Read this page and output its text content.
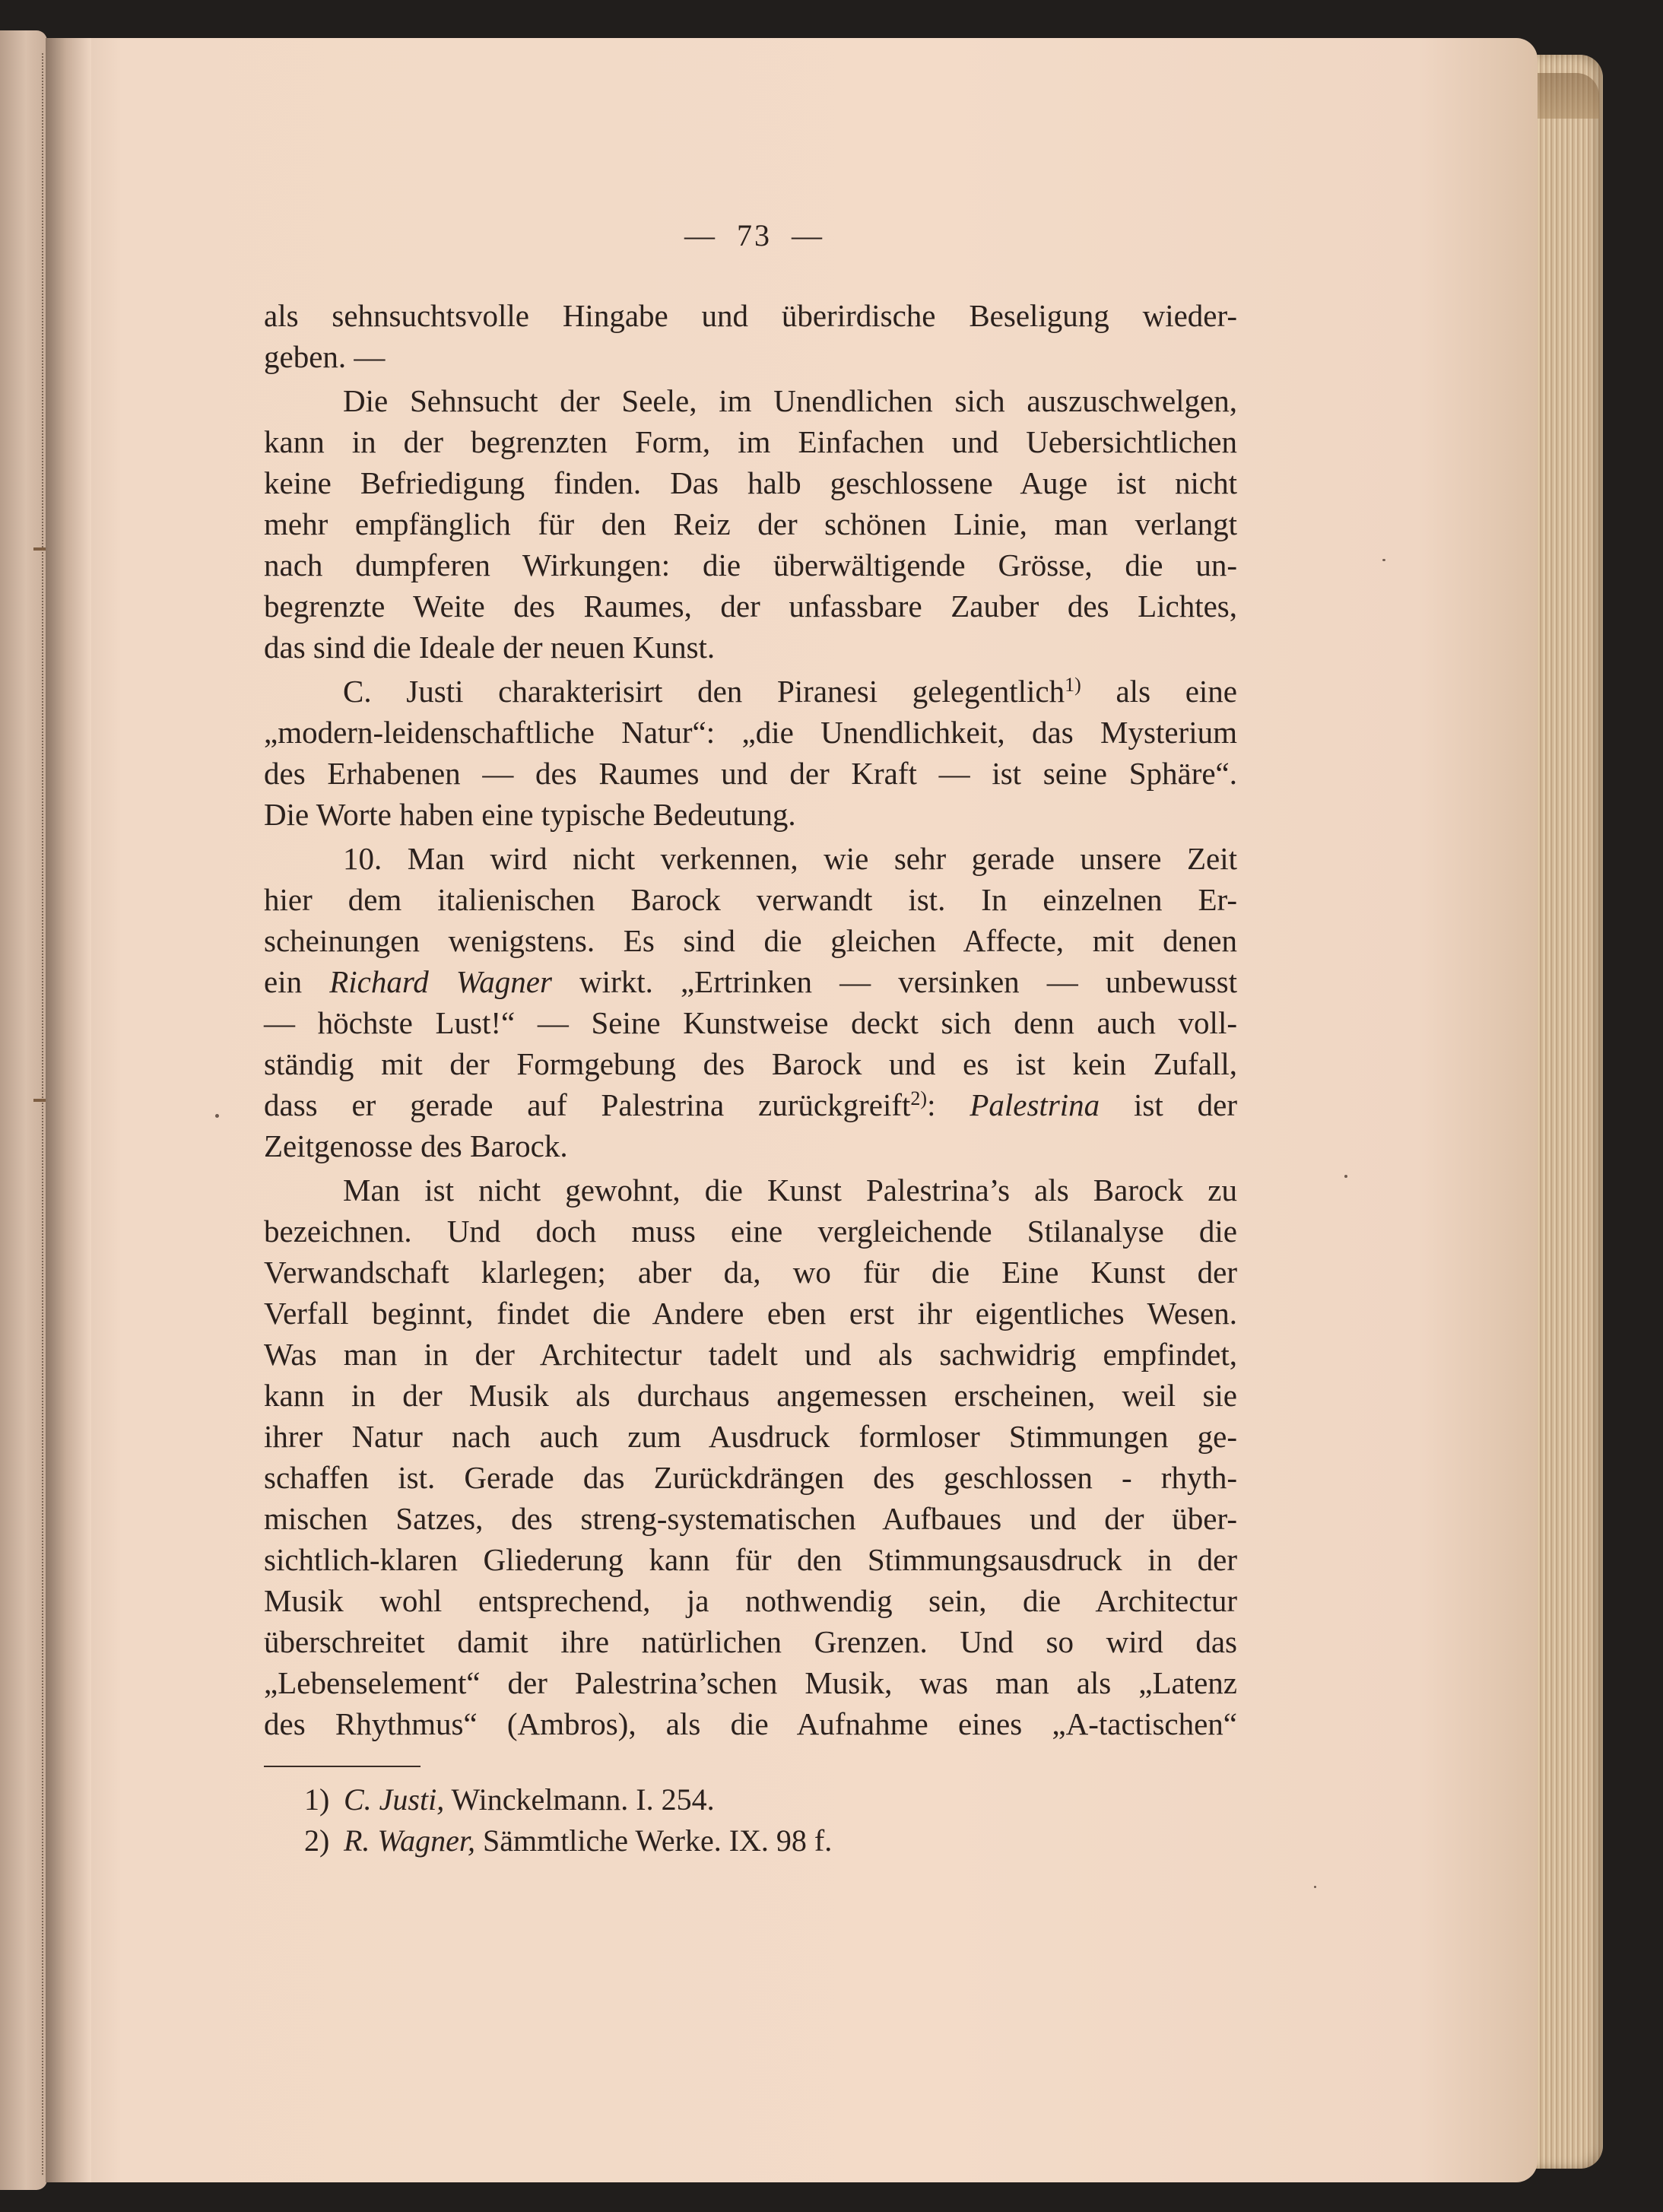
—  73  —
als sehnsuchtsvolle Hingabe und überirdische Beseligung wieder-
geben. —
Die Sehnsucht der Seele, im Unendlichen sich auszuschwelgen,
kann in der begrenzten Form, im Einfachen und Uebersichtlichen
keine Befriedigung finden. Das halb geschlossene Auge ist nicht
mehr empfänglich für den Reiz der schönen Linie, man verlangt
nach dumpferen Wirkungen: die überwältigende Grösse, die un-
begrenzte Weite des Raumes, der unfassbare Zauber des Lichtes,
das sind die Ideale der neuen Kunst.
C. Justi charakterisirt den Piranesi gelegentlich$^{1)}$ als eine
„modern-leidenschaftliche Natur“: „die Unendlichkeit, das Mysterium
des Erhabenen — des Raumes und der Kraft — ist seine Sphäre“.
Die Worte haben eine typische Bedeutung.
10. Man wird nicht verkennen, wie sehr gerade unsere Zeit
hier dem italienischen Barock verwandt ist. In einzelnen Er-
scheinungen wenigstens. Es sind die gleichen Affecte, mit denen
ein Richard Wagner wirkt. „Ertrinken — versinken — unbewusst
— höchste Lust!“ — Seine Kunstweise deckt sich denn auch voll-
ständig mit der Formgebung des Barock und es ist kein Zufall,
dass er gerade auf Palestrina zurückgreift$^{2)}$: Palestrina ist der
Zeitgenosse des Barock.
Man ist nicht gewohnt, die Kunst Palestrina’s als Barock zu
bezeichnen. Und doch muss eine vergleichende Stilanalyse die
Verwandschaft klarlegen; aber da, wo für die Eine Kunst der
Verfall beginnt, findet die Andere eben erst ihr eigentliches Wesen.
Was man in der Architectur tadelt und als sachwidrig empfindet,
kann in der Musik als durchaus angemessen erscheinen, weil sie
ihrer Natur nach auch zum Ausdruck formloser Stimmungen ge-
schaffen ist. Gerade das Zurückdrängen des geschlossen - rhyth-
mischen Satzes, des streng-systematischen Aufbaues und der über-
sichtlich-klaren Gliederung kann für den Stimmungsausdruck in der
Musik wohl entsprechend, ja nothwendig sein, die Architectur
überschreitet damit ihre natürlichen Grenzen. Und so wird das
„Lebenselement“ der Palestrina’schen Musik, was man als „Latenz
des Rhythmus“ (Ambros), als die Aufnahme eines „A-tactischen“
1) C. Justi, Winckelmann. I. 254.
2) R. Wagner, Sämmtliche Werke. IX. 98 f.
